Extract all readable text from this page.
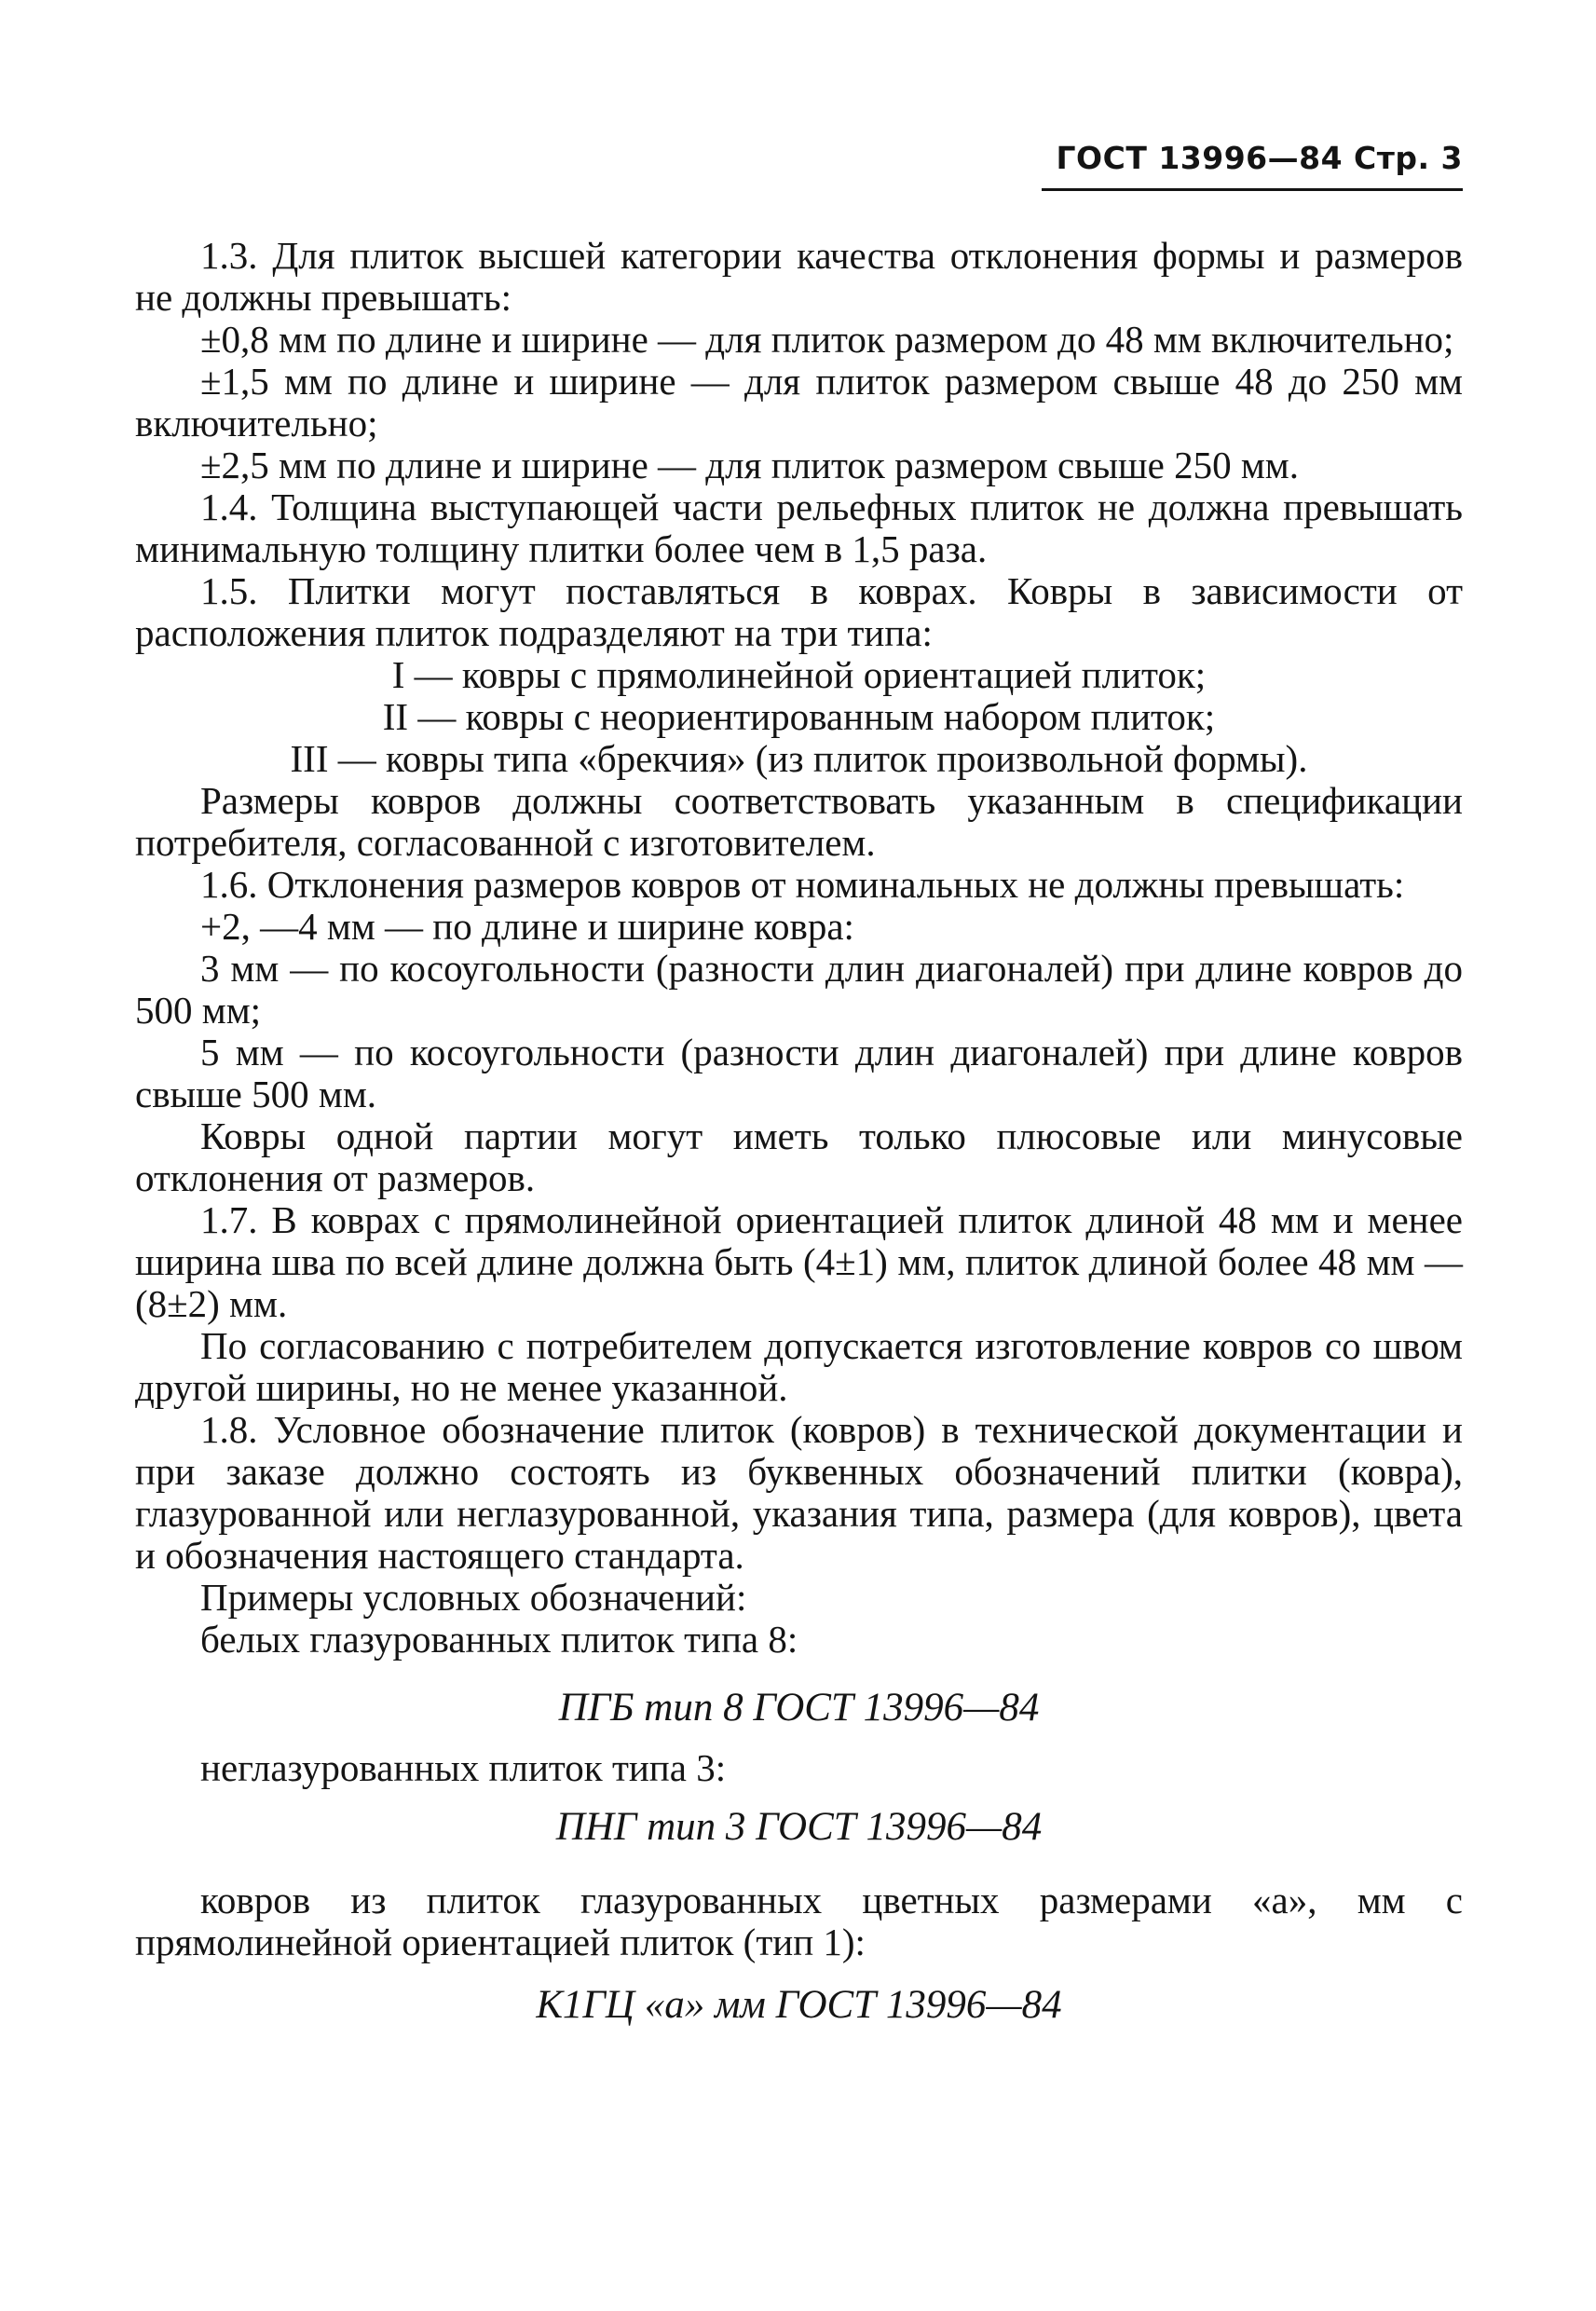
ГОСТ 13996—84 Стр. 3

1.3. Для плиток высшей категории качества отклонения формы и размеров не должны превышать:

±0,8 мм по длине и ширине — для плиток размером до 48 мм включительно;

±1,5 мм по длине и ширине — для плиток размером свыше 48 до 250 мм включительно;

±2,5 мм по длине и ширине — для плиток размером свыше 250 мм.

1.4. Толщина выступающей части рельефных плиток не должна превышать минимальную толщину плитки более чем в 1,5 раза.

1.5. Плитки могут поставляться в коврах. Ковры в зависимости от расположения плиток подразделяют на три типа:

I — ковры с прямолинейной ориентацией плиток;

II — ковры с неориентированным набором плиток;

III — ковры типа «брекчия» (из плиток произвольной формы).

Размеры ковров должны соответствовать указанным в спецификации потребителя, согласованной с изготовителем.

1.6. Отклонения размеров ковров от номинальных не должны превышать:

+2, —4 мм — по длине и ширине ковра:

3 мм — по косоугольности (разности длин диагоналей) при длине ковров до 500 мм;

5 мм — по косоугольности (разности длин диагоналей) при длине ковров свыше 500 мм.

Ковры одной партии могут иметь только плюсовые или минусовые отклонения от размеров.

1.7. В коврах с прямолинейной ориентацией плиток длиной 48 мм и менее ширина шва по всей длине должна быть (4±1) мм, плиток длиной более 48 мм — (8±2) мм.

По согласованию с потребителем допускается изготовление ковров со швом другой ширины, но не менее указанной.

1.8. Условное обозначение плиток (ковров) в технической документации и при заказе должно состоять из буквенных обозначений плитки (ковра), глазурованной или неглазурованной, указания типа, размера (для ковров), цвета и обозначения настоящего стандарта.

Примеры условных обозначений:

белых глазурованных плиток типа 8:

ПГБ тип 8 ГОСТ 13996—84

неглазурованных плиток типа 3:

ПНГ тип 3 ГОСТ 13996—84

ковров из плиток глазурованных цветных размерами «а», мм с прямолинейной ориентацией плиток (тип 1):

К1ГЦ «а» мм ГОСТ 13996—84
